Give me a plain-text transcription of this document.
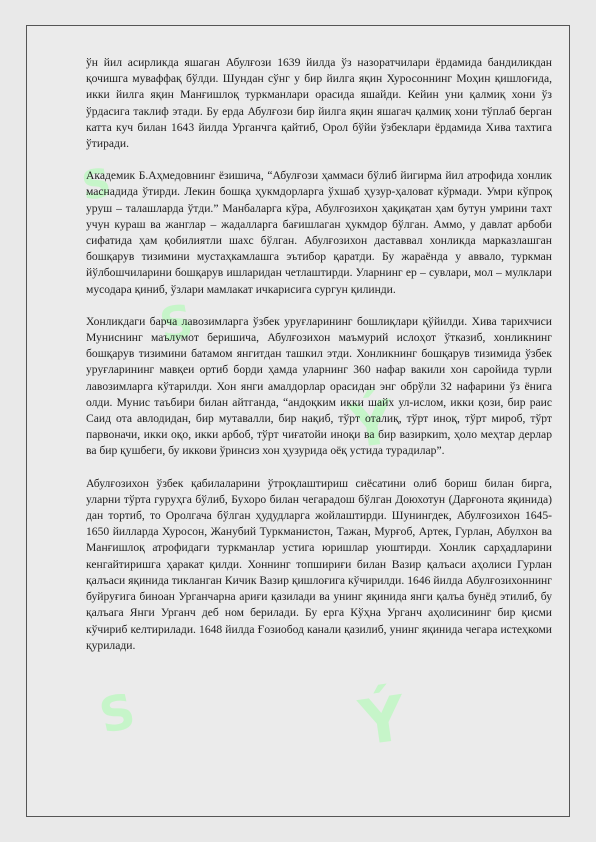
S
S
Ý
S	Ý

ўн йил асирликда яшаган Абулғози 1639 йилда ўз назоратчилари ёрдамида бандиликдан қочишга муваффақ бўлди. Шундан сўнг у бир йилга яқин Хуросоннинг Моҳин қишлоғида, икки йилга яқин Манғишлоқ туркманлари орасида яшайди. Кейин уни қалмиқ хони ўз ўрдасига таклиф этади. Бу ерда Абулғози бир йилга яқин яшагач қалмиқ хони тўплаб берган катта куч билан 1643 йилда Урганчга қайтиб, Орол бўйи ўзбеклари ёрдамида Хива тахтига ўтиради.

Академик Б.Аҳмедовнинг ёзишича, “Абулғози ҳаммаси бўлиб йигирма йил атрофида хонлик маснадида ўтирди. Лекин бошқа ҳукмдорларга ўхшаб ҳузур-ҳаловат кўрмади. Умри кўпроқ уруш – талашларда ўтди.” Манбаларга кўра, Абулғозихон ҳақиқатан ҳам бутун умрини тахт учун кураш ва жанглар – жадалларга бағишлаган ҳукмдор бўлган. Аммо, у давлат арбоби сифатида ҳам қобилиятли шахс бўлган. Абулғозихон даставвал хонликда марказлашган бошқарув тизимини мустаҳкамлашга эътибор қаратди. Бу жараёнда у аввало, туркман йўлбошчиларини бошқарув ишларидан четлаштирди. Уларнинг ер – сувлари, мол – мулклари мусодара қиниб, ўзлари мамлакат ичкарисига сургун қилинди.

Хонликдаги барча лавозимларга ўзбек уруғларининг бошлиқлари қўйилди. Хива тарихчиси Муниснинг маълумот беришича, Абулғозихон маъмурий ислоҳот ўтказиб, хонликнинг бошқарув тизимини батамом янгитдан ташкил этди. Хонликнинг бошқарув тизимида ўзбек уруғларининг мавқеи ортиб борди ҳамда уларнинг 360 нафар вакили хон саройида турли лавозимларга кўтарилди. Хон янги амалдорлар орасидан энг обрўли 32 нафарини ўз ёнига олди. Мунис таъбири билан айтганда, “андоқким икки шайх ул-ислом, икки қози, бир раис Саид ота авлодидан, бир мутавалли, бир нақиб, тўрт оталиқ, тўрт иноқ, тўрт мироб, тўрт парвоначи, икки оқо, икки арбоб, тўрт чиғатойи иноқи ва бир вазиркиm, ҳоло меҳтар дерлар ва бир қушбеги, бу иккови ўринсиз хон ҳузурида оёқ устида турадилар”.

Абулғозихон ўзбек қабилаларини ўтроқлаштириш сиёсатини олиб бориш билан бирга, уларни тўрта гуруҳга бўлиб, Бухоро билан чегарадош бўлган Доюхотун (Дарғонота яқинида) дан тортиб, то Оролгача бўлган ҳудудларга жойлаштирди. Шунингдек, Абулғозихон 1645-1650 йилларда Хуросон, Жанубий Туркманистон, Тажан, Мурғоб, Артек, Гурлан, Абулхон ва Манғишлоқ атрофидаги туркманлар устига юришлар уюштирди. Хонлик сарҳадларини кенгайтиришга ҳаракат қилди. Хоннинг топшириғи билан Вазир қалъаси аҳолиси Гурлан қалъаси яқинида тикланган Кичик Вазир қишлоғига кўчирилди. 1646 йилда Абулғозихоннинг буйруғига биноан Урганчарна ариғи қазилади ва унинг яқинида янги қалъа бунёд этилиб, бу қалъага Янги Урганч деб ном берилади. Бу ерга Кўҳна Урганч аҳолисининг бир қисми кўчириб келтирилади. 1648 йилда Ғозиобод канали қазилиб, унинг яқинида чегара истеҳкоми қурилади.
